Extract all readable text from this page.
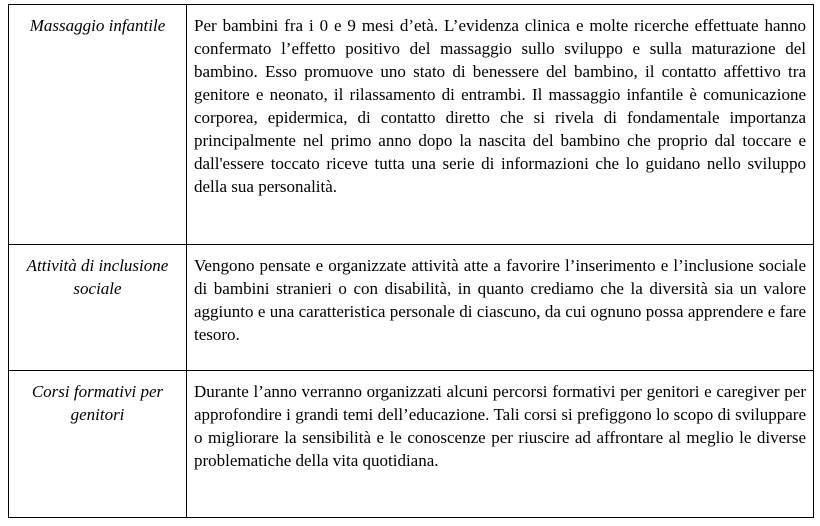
Massaggio infantile	Per bambini fra i 0 e 9 mesi d’età. L’evidenza clinica e molte ricerche effettuate hanno confermato l’effetto positivo del massaggio sullo sviluppo e sulla maturazione del bambino. Esso promuove uno stato di benessere del bambino, il contatto affettivo tra genitore e neonato, il rilassamento di entrambi. Il massaggio infantile è comunicazione corporea, epidermica, di contatto diretto che si rivela di fondamentale importanza principalmente nel primo anno dopo la nascita del bambino che proprio dal toccare e dall'essere toccato riceve tutta una serie di informazioni che lo guidano nello sviluppo della sua personalità.

Attività di inclusione sociale	Vengono pensate e organizzate attività atte a favorire l’inserimento e l’inclusione sociale di bambini stranieri o con disabilità, in quanto crediamo che la diversità sia un valore aggiunto e una caratteristica personale di ciascuno, da cui ognuno possa apprendere e fare tesoro.

Corsi formativi per genitori	Durante l’anno verranno organizzati alcuni percorsi formativi per genitori e caregiver per approfondire i grandi temi dell’educazione. Tali corsi si prefiggono lo scopo di sviluppare o migliorare la sensibilità e le conoscenze per riuscire ad affrontare al meglio le diverse problematiche della vita quotidiana.
